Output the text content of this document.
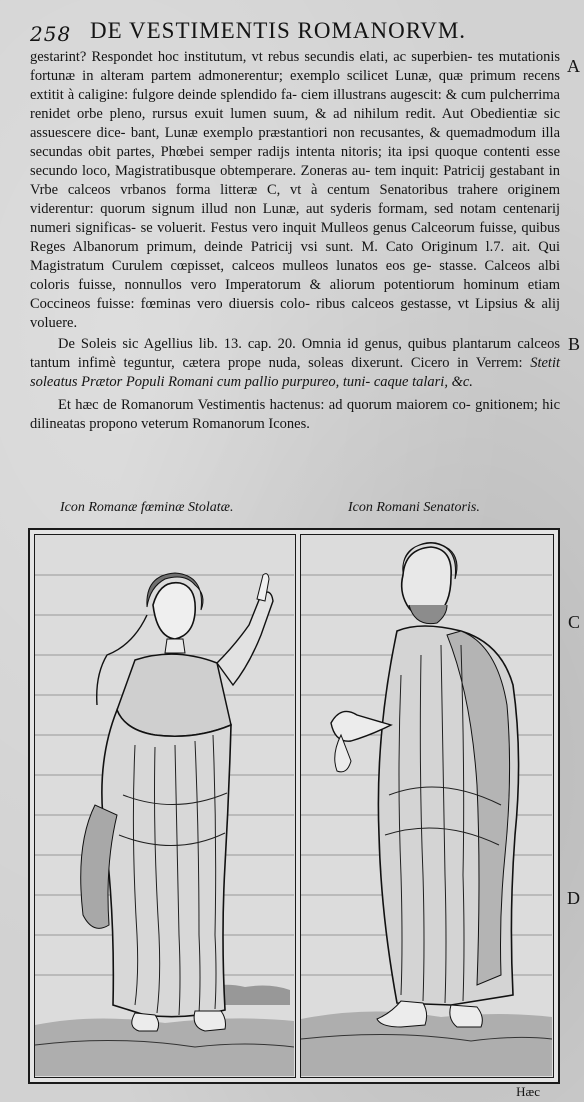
258 DE VESTIMENTIS ROMANORVM.

gestarint? Respondet hoc institutum, vt rebus secundis elati, ac superbien- tes mutationis fortunæ in alteram partem admonerentur; exemplo scilicet Lunæ, quæ primum recens extitit à caligine: fulgore deinde splendido fa- ciem illustrans augescit: & cum pulcherrima renidet orbe pleno, rursus exuit lumen suum, & ad nihilum redit. Aut Obedientiæ sic assuescere dice- bant, Lunæ exemplo præstantiori non recusantes, & quemadmodum illa secundas obit partes, Phœbei semper radijs intenta nitoris; ita ipsi quoque contenti esse secundo loco, Magistratibusque obtemperare. Zoneras au- tem inquit: Patricij gestabant in Vrbe calceos vrbanos forma litteræ C, vt à centum Senatoribus trahere originem viderentur: quorum signum illud non Lunæ, aut syderis formam, sed notam centenarij numeri significas- se voluerit. Festus vero inquit Mulleos genus Calceorum fuisse, quibus Reges Albanorum primum, deinde Patricij vsi sunt. M. Cato Originum l.7. ait. Qui Magistratum Curulem cœpisset, calceos mulleos lunatos eos ge- stasse. Calceos albi coloris fuisse, nonnullos vero Imperatorum & aliorum potentiorum hominum etiam Coccineos fuisse: fœminas vero diuersis colo- ribus calceos gestasse, vt Lipsius & alij voluere.

De Soleis sic Agellius lib. 13. cap. 20. Omnia id genus, quibus plantarum calceos tantum infimè teguntur, cætera prope nuda, soleas dixerunt. Cicero in Verrem: Stetit soleatus Prætor Populi Romani cum pallio purpureo, tuni- caque talari, &c.

Et hæc de Romanorum Vestimentis hactenus: ad quorum maiorem co- gnitionem; hic dilineatas propono veterum Romanorum Icones.

A
B
C
D
Icon Romanæ fœminæ Stolatæ.	Icon Romani Senatoris.
Hæc
